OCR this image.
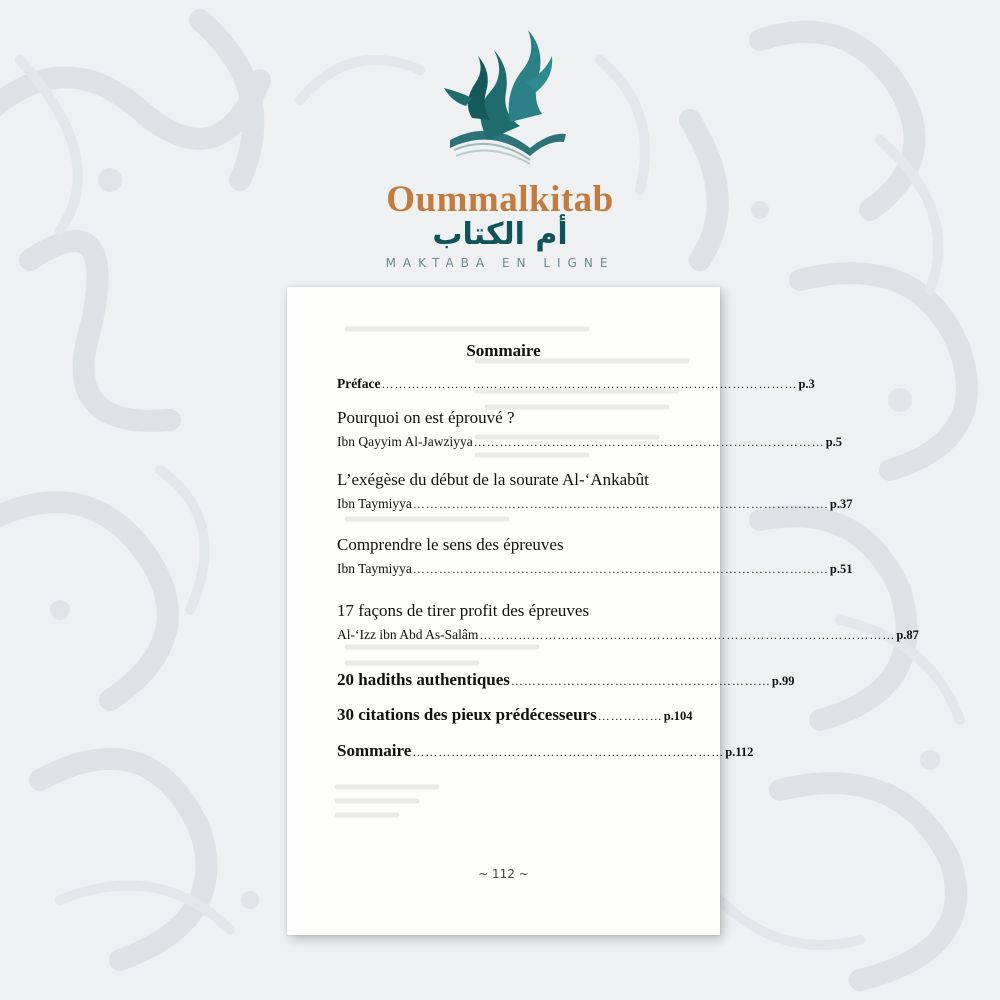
Oummalkitab
أم الكتاب
MAKTABA EN LIGNE
Sommaire
Préface …………………………………………………………………………………… p.3
Pourquoi on est éprouvé ?
Ibn Qayyim Al-Jawziyya ……………………………………………………………………… p.5
L’exégèse du début de la sourate Al-‘Ankabût
Ibn Taymiyya …………………………………………………………………………………… p.37
Comprendre le sens des épreuves
Ibn Taymiyya …………………………………………………………………………………… p.51
17 façons de tirer profit des épreuves
Al-‘Izz ibn Abd As-Salâm …………………………………………………………………………………… p.87
20 hadiths authentiques …………………………………………………… p.99
30 citations des pieux prédécesseurs …………… p.104
Sommaire ……………………………………………………………… p.112
~ 112 ~
